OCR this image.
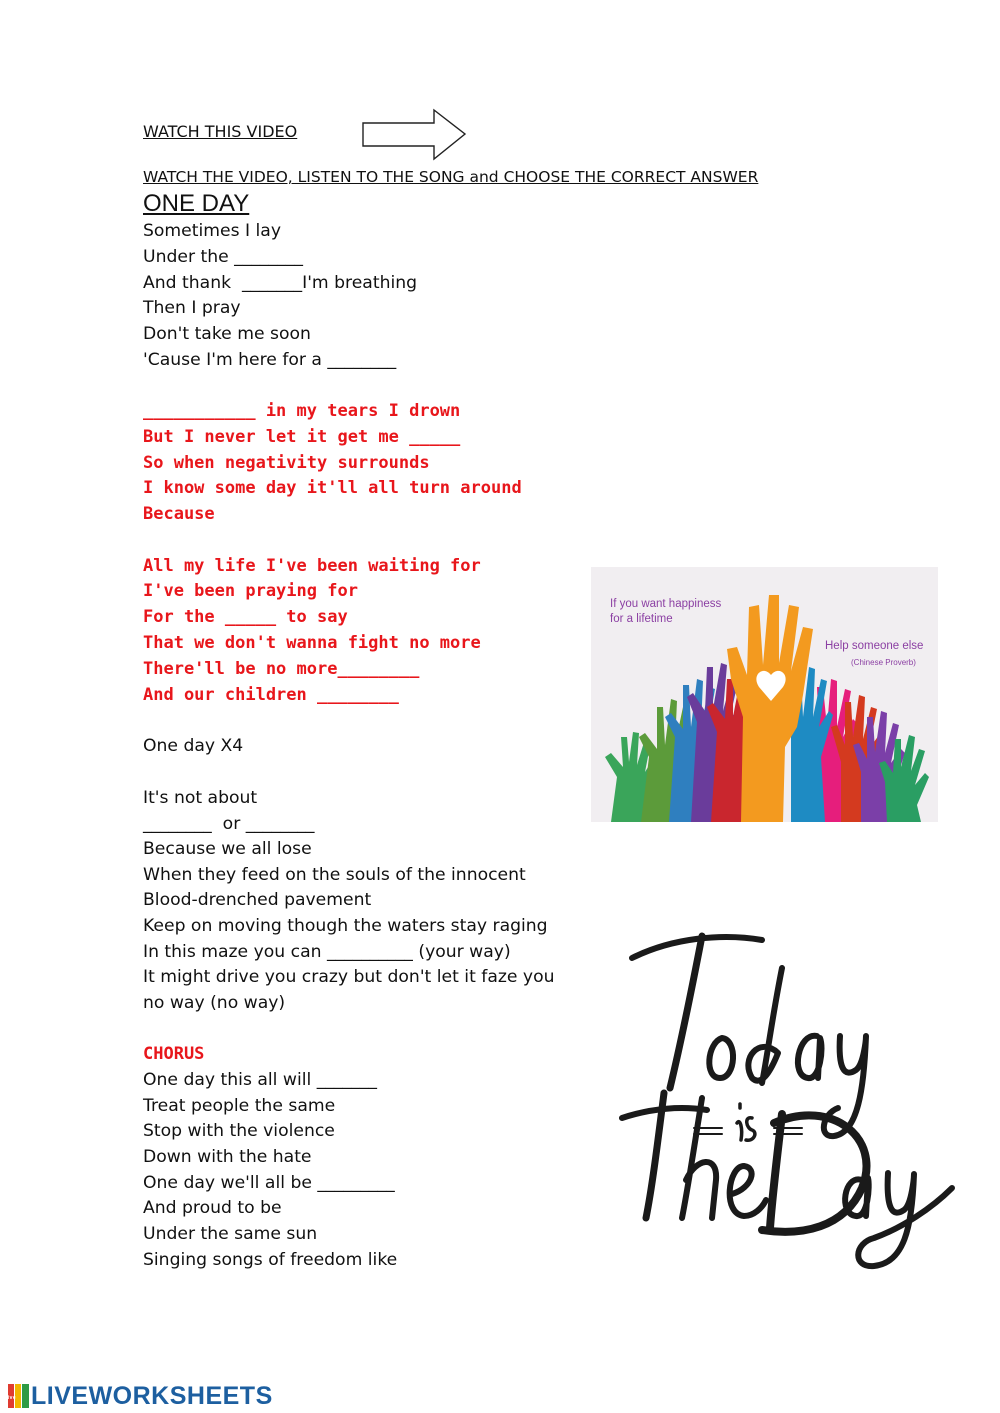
WATCH THIS VIDEO
WATCH THE VIDEO, LISTEN TO THE SONG and CHOOSE THE CORRECT ANSWER
ONE DAY
Sometimes I lay
Under the ________
And thank  _______I'm breathing
Then I pray
Don't take me soon
'Cause I'm here for a ________
___________ in my tears I drown
But I never let it get me _____
So when negativity surrounds
I know some day it'll all turn around
Because
All my life I've been waiting for
I've been praying for
For the _____ to say
That we don't wanna fight no more
There'll be no more________
And our children ________
One day X4
It's not about
________  or ________
Because we all lose
When they feed on the souls of the innocent
Blood-drenched pavement
Keep on moving though the waters stay raging
In this maze you can __________ (your way)
It might drive you crazy but don't let it faze you
no way (no way)
CHORUS
One day this all will _______
Treat people the same
Stop with the violence
Down with the hate
One day we'll all be _________
And proud to be
Under the same sun
Singing songs of freedom like
If you want happiness
for a lifetime
Help someone else
(Chinese Proverb)
Today
live LIVEWORKSHEETS
